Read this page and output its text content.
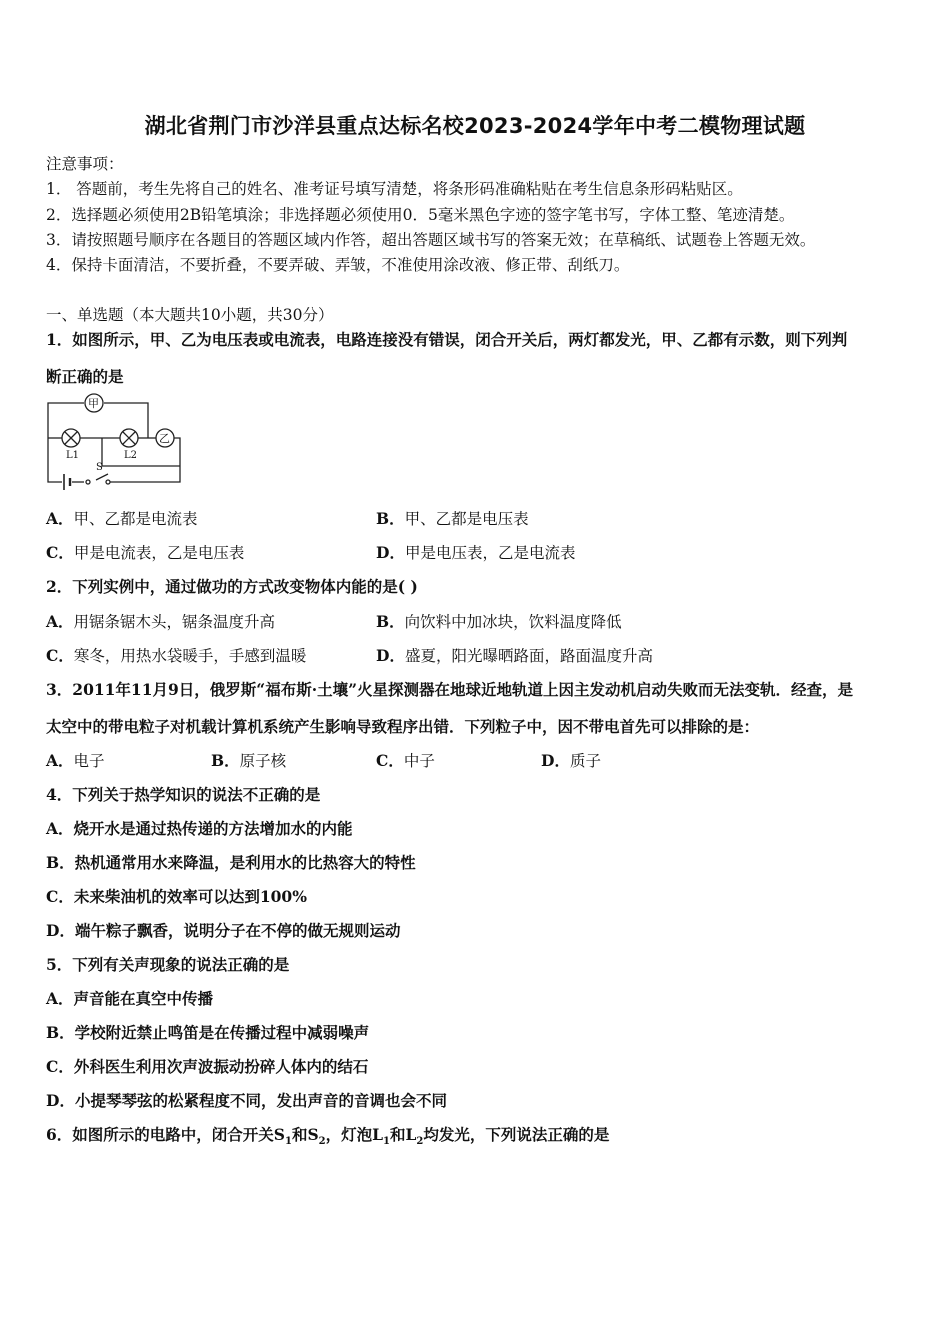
湖北省荆门市沙洋县重点达标名校2023-2024学年中考二模物理试题
注意事项：
1． 答题前，考生先将自己的姓名、准考证号填写清楚，将条形码准确粘贴在考生信息条形码粘贴区。
2．选择题必须使用2B铅笔填涂；非选择题必须使用0．5毫米黑色字迹的签字笔书写，字体工整、笔迹清楚。
3．请按照题号顺序在各题目的答题区域内作答，超出答题区域书写的答案无效；在草稿纸、试题卷上答题无效。
4．保持卡面清洁，不要折叠，不要弄破、弄皱，不准使用涂改液、修正带、刮纸刀。
一、单选题（本大题共10小题，共30分）
1．如图所示，甲、乙为电压表或电流表，电路连接没有错误，闭合开关后，两灯都发光，甲、乙都有示数，则下列判
断正确的是
甲
乙
L1	L2
S
A．甲、乙都是电流表	B．甲、乙都是电压表
C．甲是电流表，乙是电压表	D．甲是电压表，乙是电流表
2．下列实例中，通过做功的方式改变物体内能的是( )
A．用锯条锯木头，锯条温度升高	B．向饮料中加冰块，饮料温度降低
C．寒冬，用热水袋暖手，手感到温暖	D．盛夏，阳光曝晒路面，路面温度升高
3．2011年11月9日，俄罗斯“福布斯·土壤”火星探测器在地球近地轨道上因主发动机启动失败而无法变轨．经查，是
太空中的带电粒子对机载计算机系统产生影响导致程序出错．下列粒子中，因不带电首先可以排除的是：
A．电子	B．原子核	C．中子	D．质子
4．下列关于热学知识的说法不正确的是
A．烧开水是通过热传递的方法增加水的内能
B．热机通常用水来降温，是利用水的比热容大的特性
C．未来柴油机的效率可以达到100%
D．端午粽子飘香，说明分子在不停的做无规则运动
5．下列有关声现象的说法正确的是
A．声音能在真空中传播
B．学校附近禁止鸣笛是在传播过程中减弱噪声
C．外科医生利用次声波振动扮碎人体内的结石
D．小提琴琴弦的松紧程度不同，发出声音的音调也会不同
6．如图所示的电路中，闭合开关$S_1$和$S_2$，灯泡$L_1$和$L_2$均发光，下列说法正确的是
